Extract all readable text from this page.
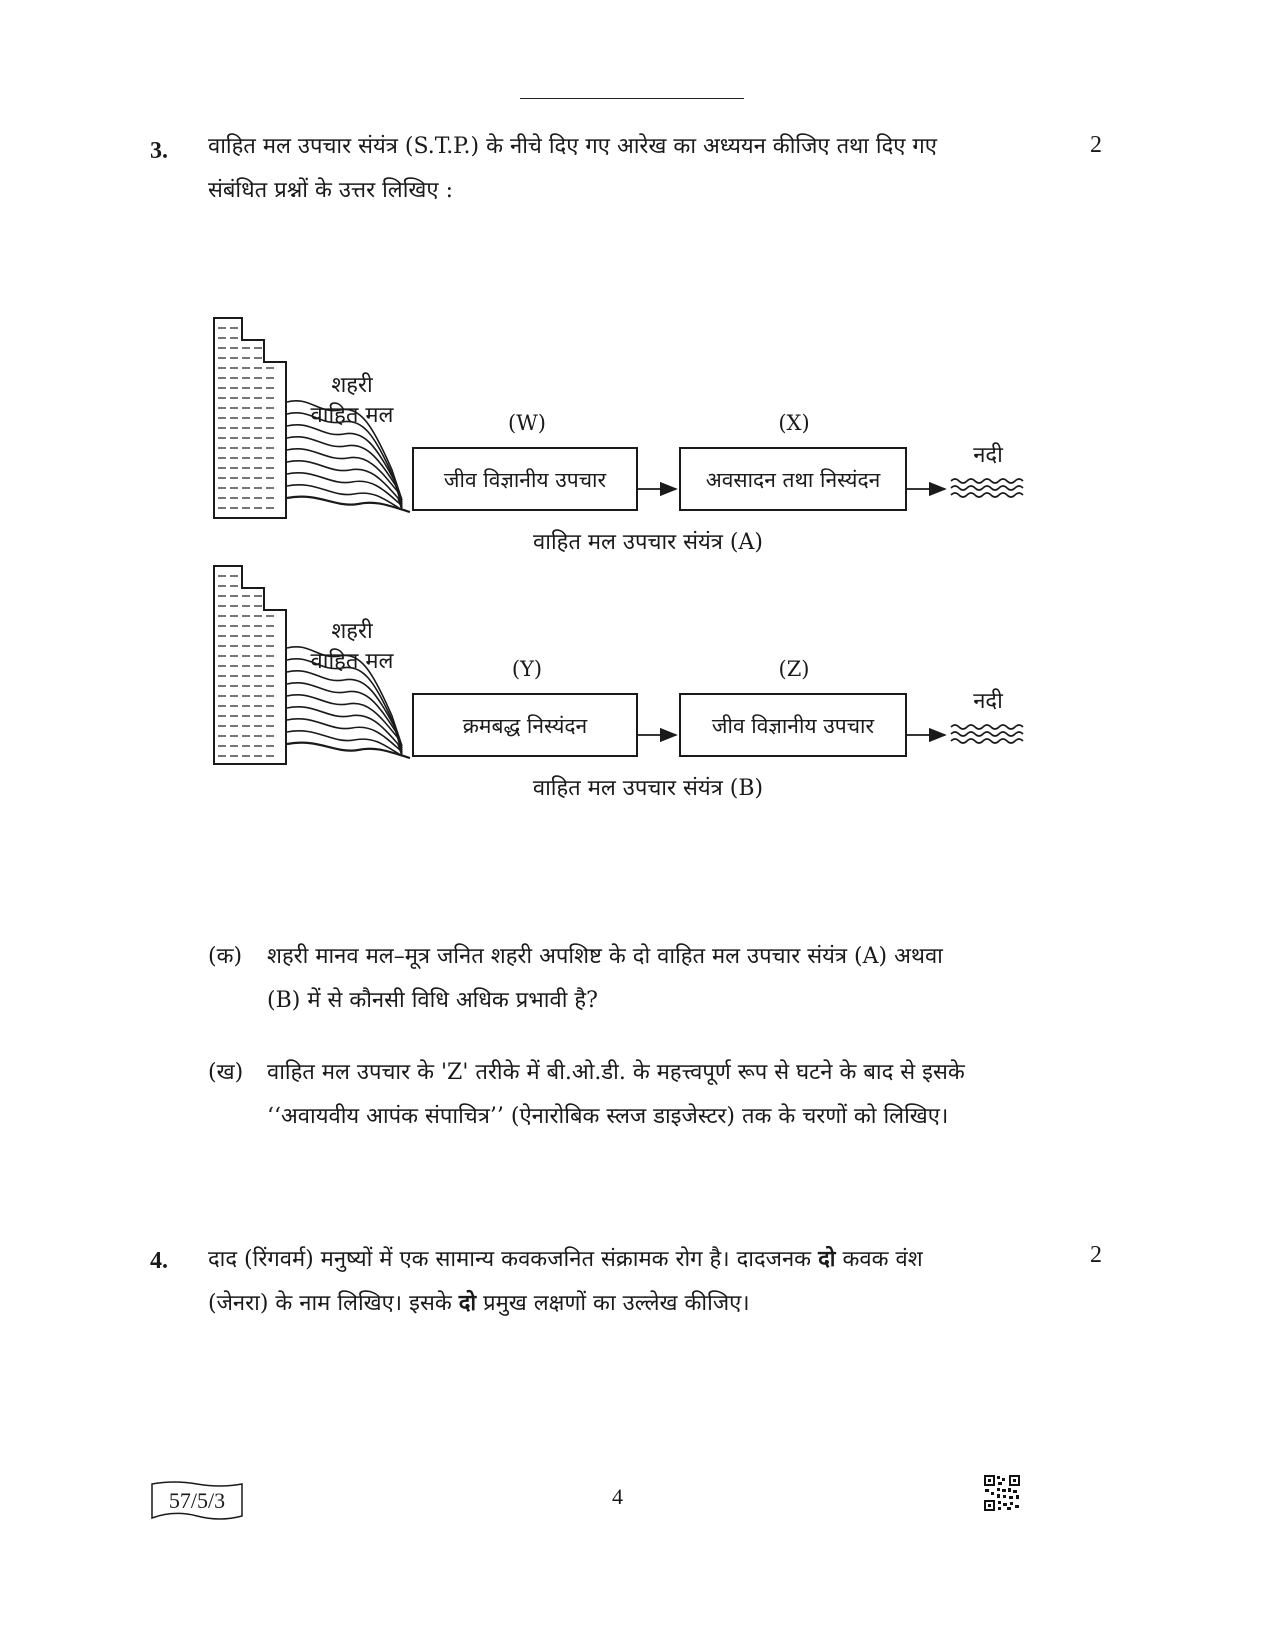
3.	2
वाहित मल उपचार संयंत्र (S.T.P.) के नीचे दिए गए आरेख का अध्ययन कीजिए तथा दिए गए
संबंधित प्रश्नों के उत्तर लिखिए :
शहरी
वाहित मल	(W)
जीव विज्ञानीय उपचार
(X)
अवसादन तथा निस्यंदन
नदी
वाहित मल उपचार संयंत्र (A)
शहरी
वाहित मल	(Y)
क्रमबद्ध निस्यंदन
(Z)
जीव विज्ञानीय उपचार
नदी
वाहित मल उपचार संयंत्र (B)
(क) शहरी मानव मल–मूत्र जनित शहरी अपशिष्ट के दो वाहित मल उपचार संयंत्र (A) अथवा
(B) में से कौनसी विधि अधिक प्रभावी है?
(ख) वाहित मल उपचार के 'Z' तरीके में बी.ओ.डी. के महत्त्वपूर्ण रूप से घटने के बाद से इसके
‘‘अवायवीय आपंक संपाचित्र’’ (ऐनारोबिक स्लज डाइजेस्टर) तक के चरणों को लिखिए।
4.	2
दाद (रिंगवर्म) मनुष्यों में एक सामान्य कवकजनित संक्रामक रोग है। दादजनक दो कवक वंश
(जेनरा) के नाम लिखिए। इसके दो प्रमुख लक्षणों का उल्लेख कीजिए।
57/5/3	4
